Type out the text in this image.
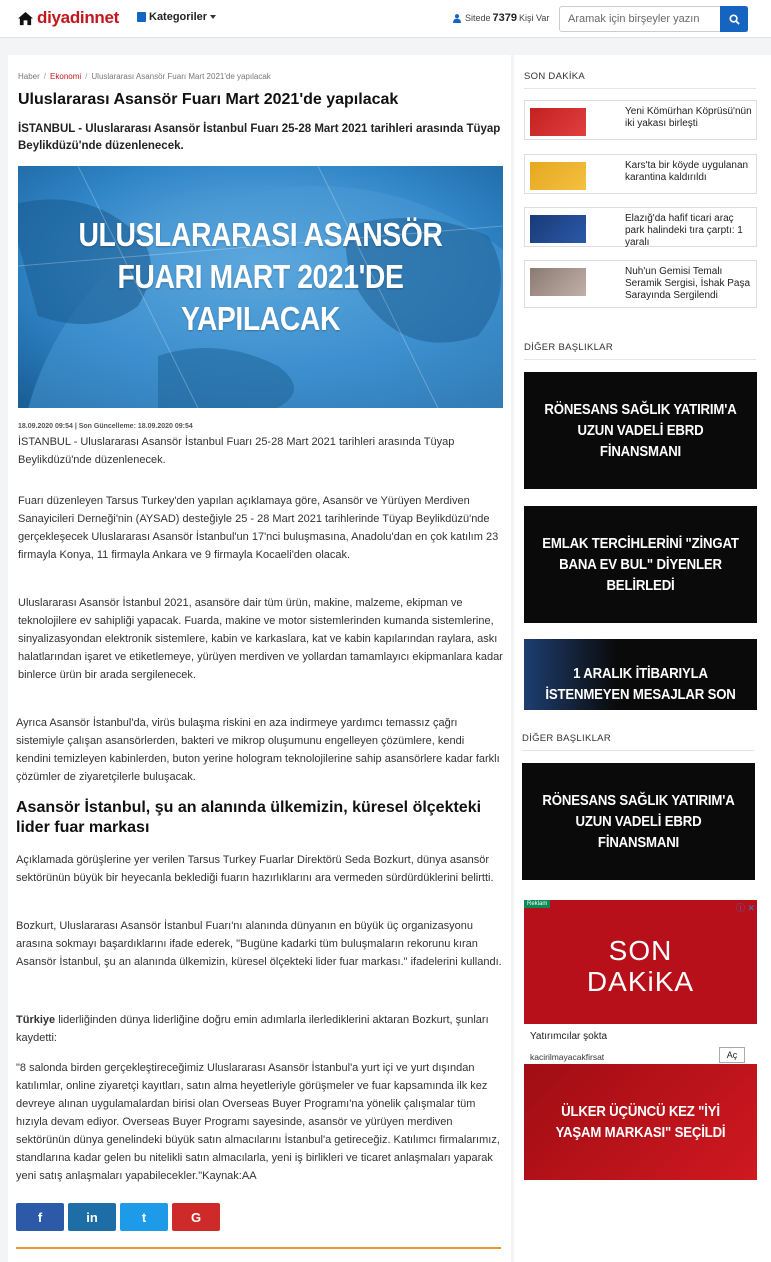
diyadinnet	Kategoriler	Sitede 7379 Kişi Var
Aramak için birşeyler yazın
Haber / Ekonomi / Uluslararası Asansör Fuarı Mart 2021'de yapılacak
Uluslararası Asansör Fuarı Mart 2021'de yapılacak
İSTANBUL - Uluslararası Asansör İstanbul Fuarı 25-28 Mart 2021 tarihleri arasında Tüyap Beylikdüzü'nde düzenlenecek.
ULUSLARARASI ASANSÖR
FUARI MART 2021'DE
YAPILACAK
18.09.2020 09:54 | Son Güncelleme: 18.09.2020 09:54

İSTANBUL - Uluslararası Asansör İstanbul Fuarı 25-28 Mart 2021 tarihleri arasında Tüyap Beylikdüzü'nde düzenlenecek.

Fuarı düzenleyen Tarsus Turkey'den yapılan açıklamaya göre, Asansör ve Yürüyen Merdiven Sanayicileri Derneği'nin (AYSAD) desteğiyle 25 - 28 Mart 2021 tarihlerinde Tüyap Beylikdüzü'nde gerçekleşecek Uluslararası Asansör İstanbul'un 17'nci buluşmasına, Anadolu'dan en çok katılım 23 firmayla Konya, 11 firmayla Ankara ve 9 firmayla Kocaeli'den olacak.

Uluslararası Asansör İstanbul 2021, asansöre dair tüm ürün, makine, malzeme, ekipman ve teknolojilere ev sahipliği yapacak. Fuarda, makine ve motor sistemlerinden kumanda sistemlerine, sinyalizasyondan elektronik sistemlere, kabin ve karkaslara, kat ve kabin kapılarından raylara, askı halatlarından işaret ve etiketlemeye, yürüyen merdiven ve yollardan tamamlayıcı ekipmanlara kadar binlerce ürün bir arada sergilenecek.

Ayrıca Asansör İstanbul'da, virüs bulaşma riskini en aza indirmeye yardımcı temassız çağrı sistemiyle çalışan asansörlerden, bakteri ve mikrop oluşumunu engelleyen çözümlere, kendi kendini temizleyen kabinlerden, buton yerine hologram teknolojilerine sahip asansörlere kadar farklı çözümler de ziyaretçilerle buluşacak.

Asansör İstanbul, şu an alanında ülkemizin, küresel ölçekteki lider fuar markası

Açıklamada görüşlerine yer verilen Tarsus Turkey Fuarlar Direktörü Seda Bozkurt, dünya asansör sektörünün büyük bir heyecanla beklediği fuarın hazırlıklarını ara vermeden sürdürdüklerini belirtti.

Bozkurt, Uluslararası Asansör İstanbul Fuarı'nı alanında dünyanın en büyük üç organizasyonu arasına sokmayı başardıklarını ifade ederek, "Bugüne kadarki tüm buluşmaların rekorunu kıran Asansör İstanbul, şu an alanında ülkemizin, küresel ölçekteki lider fuar markası." ifadelerini kullandı.

Türkiye liderliğinden dünya liderliğine doğru emin adımlarla ilerlediklerini aktaran Bozkurt, şunları kaydetti:

"8 salonda birden gerçekleştireceğimiz Uluslararası Asansör İstanbul'a yurt içi ve yurt dışından katılımlar, online ziyaretçi kayıtları, satın alma heyetleriyle görüşmeler ve fuar kapsamında ilk kez devreye alınan uygulamalardan birisi olan Overseas Buyer Programı'na yönelik çalışmalar tüm hızıyla devam ediyor. Overseas Buyer Programı sayesinde, asansör ve yürüyen merdiven sektörünün dünya genelindeki büyük satın almacılarını İstanbul'a getireceğiz. Katılımcı firmalarımız, standlarına kadar gelen bu nitelikli satın almacılarla, yeni iş birlikleri ve ticaret anlaşmaları yaparak yeni satış anlaşmaları yapabilecekler."Kaynak:AA

f	in	t	G
SON DAKİKA
Yeni Kömürhan Köprüsü'nün iki yakası birleşti
Kars'ta bir köyde uygulanan karantina kaldırıldı
Elazığ'da hafif ticari araç park halindeki tıra çarptı: 1 yaralı
Nuh'un Gemisi Temalı Seramik Sergisi, İshak Paşa Sarayında Sergilendi
DİĞER BAŞLIKLAR
RÖNESANS SAĞLIK YATIRIM'A UZUN VADELİ EBRD FİNANSMANI
EMLAK TERCİHLERİNİ "ZİNGAT BANA EV BUL" DİYENLER BELİRLEDİ
1 ARALIK İTİBARIYLA İSTENMEYEN MESAJLAR SON
DİĞER BAŞLIKLAR
RÖNESANS SAĞLIK YATIRIM'A UZUN VADELİ EBRD FİNANSMANI
Reklam	ⓘ ✕
SON
DAKiKA
Yatırımcılar şokta
kacirilmayacakfirsat	Aç
ÜLKER ÜÇÜNCÜ KEZ "İYİ YAŞAM MARKASI" SEÇİLDİ
